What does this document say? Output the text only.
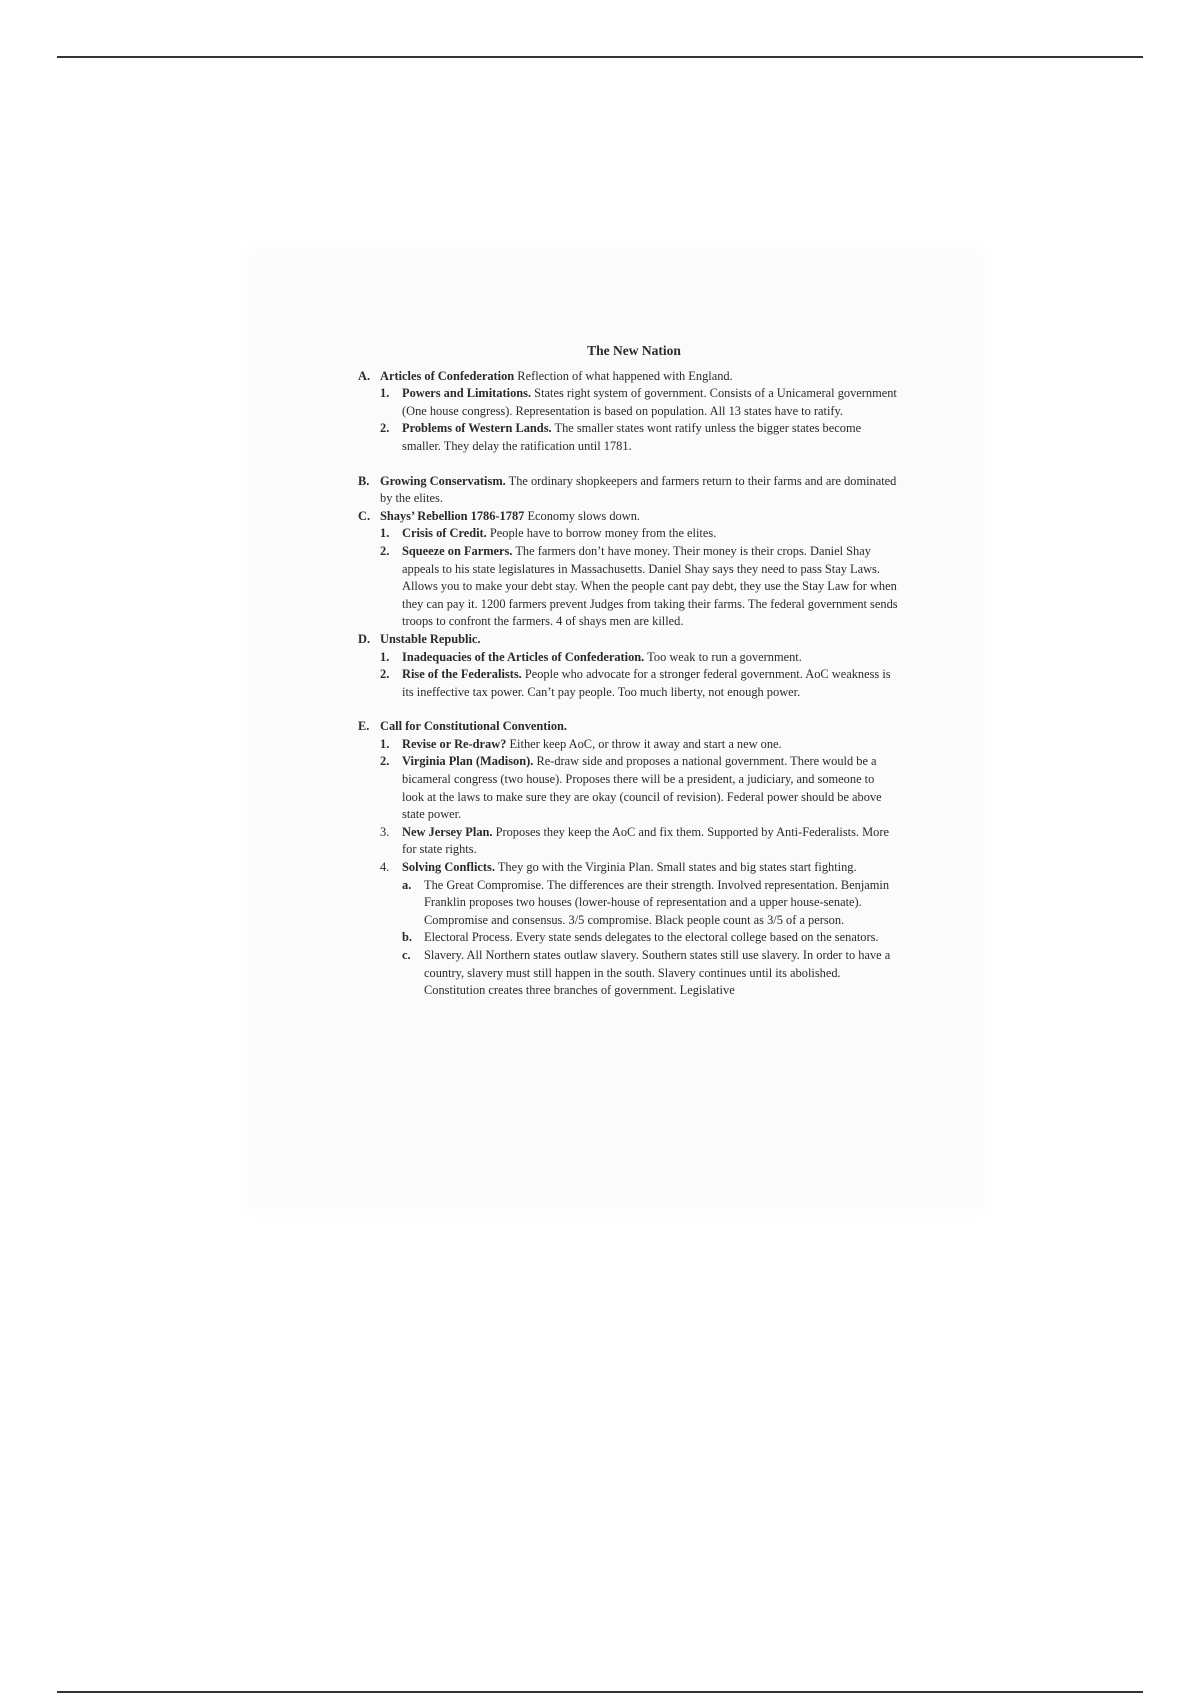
The New Nation
A. Articles of Confederation Reflection of what happened with England.
1. Powers and Limitations. States right system of government. Consists of a Unicameral government (One house congress). Representation is based on population. All 13 states have to ratify.
2. Problems of Western Lands. The smaller states wont ratify unless the bigger states become smaller. They delay the ratification until 1781.
B. Growing Conservatism. The ordinary shopkeepers and farmers return to their farms and are dominated by the elites.
C. Shays’ Rebellion 1786-1787 Economy slows down.
1. Crisis of Credit. People have to borrow money from the elites.
2. Squeeze on Farmers. The farmers don’t have money. Their money is their crops. Daniel Shay appeals to his state legislatures in Massachusetts. Daniel Shay says they need to pass Stay Laws. Allows you to make your debt stay. When the people cant pay debt, they use the Stay Law for when they can pay it. 1200 farmers prevent Judges from taking their farms. The federal government sends troops to confront the farmers. 4 of shays men are killed.
D. Unstable Republic.
1. Inadequacies of the Articles of Confederation. Too weak to run a government.
2. Rise of the Federalists. People who advocate for a stronger federal government. AoC weakness is its ineffective tax power. Can’t pay people. Too much liberty, not enough power.
E. Call for Constitutional Convention.
1. Revise or Re-draw? Either keep AoC, or throw it away and start a new one.
2. Virginia Plan (Madison). Re-draw side and proposes a national government. There would be a bicameral congress (two house). Proposes there will be a president, a judiciary, and someone to look at the laws to make sure they are okay (council of revision). Federal power should be above state power.
3. New Jersey Plan. Proposes they keep the AoC and fix them. Supported by Anti-Federalists. More for state rights.
4. Solving Conflicts. They go with the Virginia Plan. Small states and big states start fighting.
a. The Great Compromise. The differences are their strength. Involved representation. Benjamin Franklin proposes two houses (lower-house of representation and a upper house-senate). Compromise and consensus. 3/5 compromise. Black people count as 3/5 of a person.
b. Electoral Process. Every state sends delegates to the electoral college based on the senators.
c. Slavery. All Northern states outlaw slavery. Southern states still use slavery. In order to have a country, slavery must still happen in the south. Slavery continues until its abolished. Constitution creates three branches of government. Legislative
